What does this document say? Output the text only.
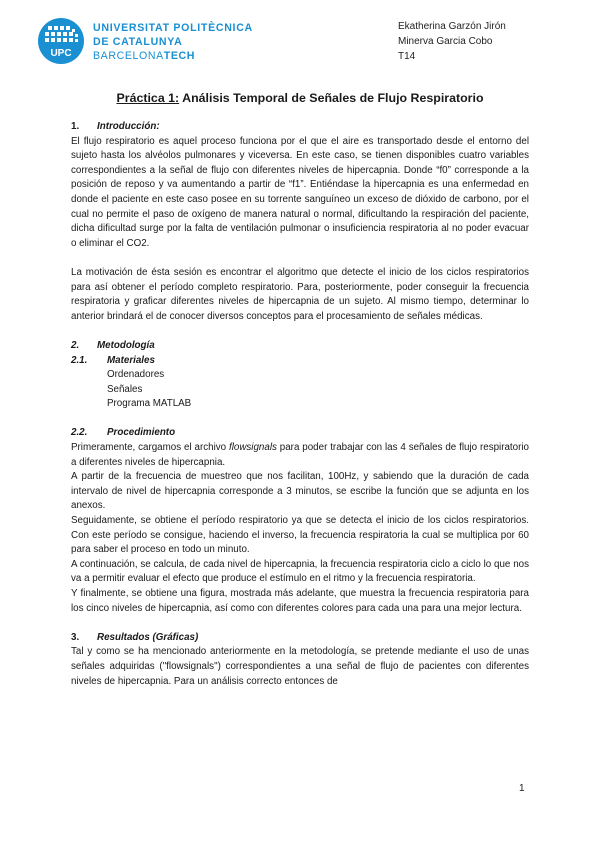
UPC
UNIVERSITAT POLITÈCNICA
DE CATALUNYA
BARCELONATECH
Ekatherina Garzón Jirón
Minerva Garcia Cobo
T14
Práctica 1: Análisis Temporal de Señales de Flujo Respiratorio
1.	Introducción:

El flujo respiratorio es aquel proceso funciona por el que el aire es transportado desde el entorno del sujeto hasta los alvéolos pulmonares y viceversa. En este caso, se tienen disponibles cuatro variables correspondientes a la señal de flujo con diferentes niveles de hipercapnia. Donde “f0” corresponde a la posición de reposo y va aumentando a partir de “f1”. Entiéndase la hipercapnia es una enfermedad en donde el paciente en este caso posee en su torrente sanguíneo un exceso de dióxido de carbono, por el cual no permite el paso de oxígeno de manera natural o normal, dificultando la respiración del paciente, dicha dificultad surge por la falta de ventilación pulmonar o insuficiencia respiratoria al no poder evacuar o eliminar el CO2.

La motivación de ésta sesión es encontrar el algoritmo que detecte el inicio de los ciclos respiratorios para así obtener el período completo respiratorio. Para, posteriormente, poder conseguir la frecuencia respiratoria y graficar diferentes niveles de hipercapnia de un sujeto. Al mismo tiempo, determinar lo anterior brindará el de conocer diversos conceptos para el procesamiento de señales médicas.

2.	Metodología
2.1.	Materiales
Ordenadores
Señales
Programa MATLAB
2.2.	Procedimiento

Primeramente, cargamos el archivo flowsignals para poder trabajar con las 4 señales de flujo respiratorio a diferentes niveles de hipercapnia.

A partir de la frecuencia de muestreo que nos facilitan, 100Hz, y sabiendo que la duración de cada intervalo de nivel de hipercapnia corresponde a 3 minutos, se escribe la función que se adjunta en los anexos.

Seguidamente, se obtiene el período respiratorio ya que se detecta el inicio de los ciclos respiratorios. Con este período se consigue, haciendo el inverso, la frecuencia respiratoria la cual se multiplica por 60 para saber el proceso en todo un minuto.

A continuación, se calcula, de cada nivel de hipercapnia, la frecuencia respiratoria ciclo a ciclo lo que nos va a permitir evaluar el efecto que produce el estímulo en el ritmo y la frecuencia respiratoria.

Y finalmente, se obtiene una figura, mostrada más adelante, que muestra la frecuencia respiratoria para los cinco niveles de hipercapnia, así como con diferentes colores para cada una para una mejor lectura.

3.	Resultados (Gráficas)

Tal y como se ha mencionado anteriormente en la metodología, se pretende mediante el uso de unas señales adquiridas ("flowsignals") correspondientes a una señal de flujo de pacientes con diferentes niveles de hipercapnia. Para un análisis correcto entonces de

1
